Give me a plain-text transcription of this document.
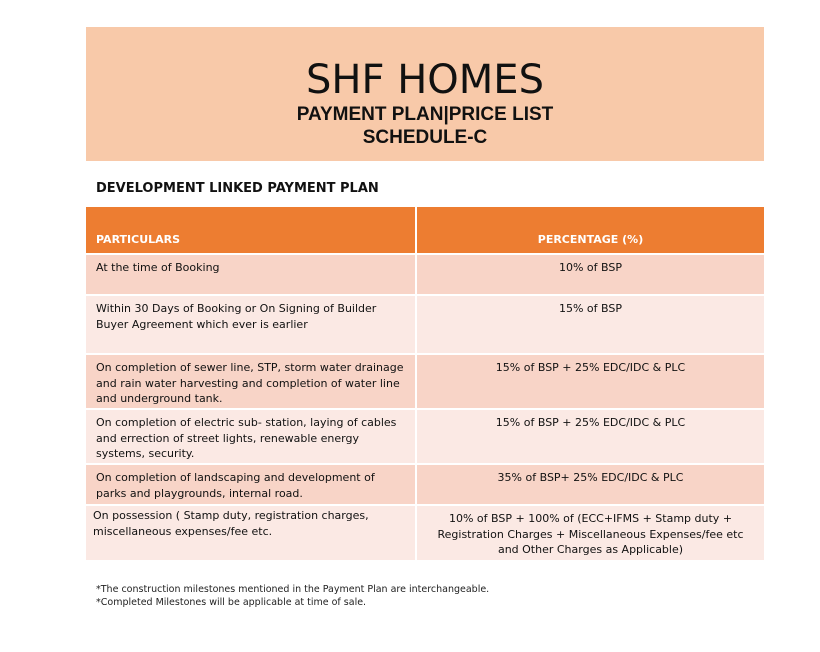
SHF HOMES
PAYMENT PLAN|PRICE LIST
SCHEDULE-C
DEVELOPMENT LINKED PAYMENT PLAN
PARTICULARS	PERCENTAGE (%)
At the time of Booking	10% of BSP
Within 30 Days of Booking or On Signing of Builder Buyer Agreement which ever is earlier	15% of BSP
On completion of sewer line, STP, storm water drainage and rain water harvesting and completion of water line and underground tank.	15% of BSP + 25% EDC/IDC & PLC
On completion of electric sub- station, laying of cables and errection of street lights, renewable energy systems, security.	15% of BSP + 25% EDC/IDC & PLC
On completion of landscaping and development of parks and playgrounds, internal road.	35% of BSP+ 25% EDC/IDC & PLC
On possession ( Stamp duty, registration charges, miscellaneous expenses/fee etc.	10% of BSP + 100% of (ECC+IFMS + Stamp duty + Registration Charges + Miscellaneous Expenses/fee etc and Other Charges as Applicable)
*The construction milestones mentioned in the Payment Plan are interchangeable.
*Completed Milestones will be applicable at time of sale.
